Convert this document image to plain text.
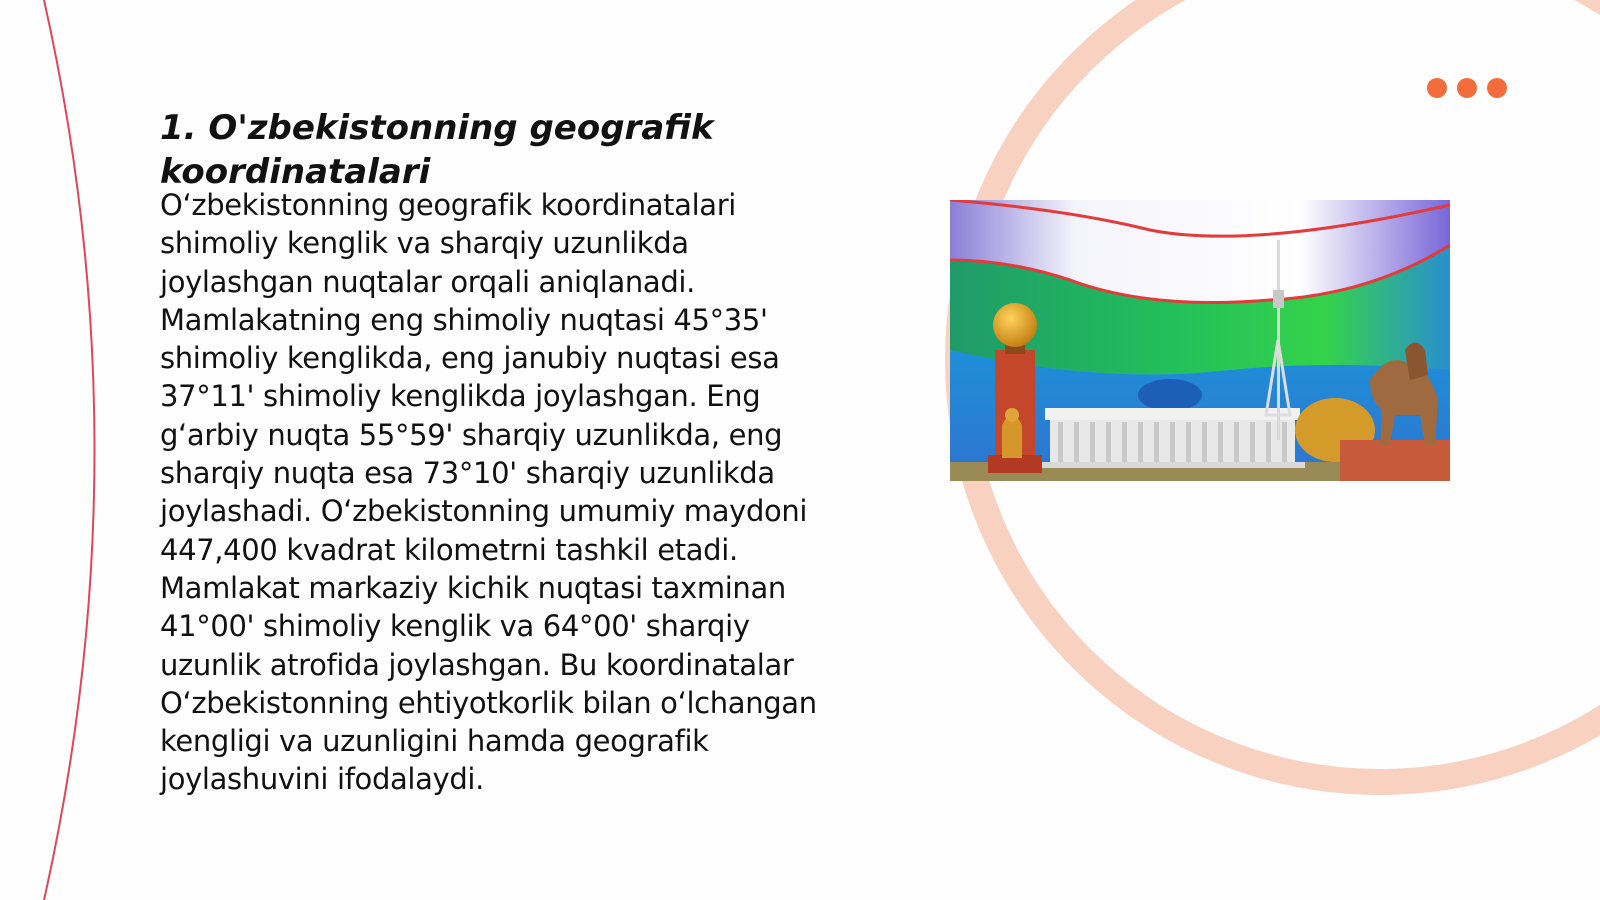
1. O'zbekistonning geografik koordinatalari

O‘zbekistonning geografik koordinatalari shimoliy kenglik va sharqiy uzunlikda joylashgan nuqtalar orqali aniqlanadi. Mamlakatning eng shimoliy nuqtasi 45°35' shimoliy kenglikda, eng janubiy nuqtasi esa 37°11' shimoliy kenglikda joylashgan. Eng g‘arbiy nuqta 55°59' sharqiy uzunlikda, eng sharqiy nuqta esa 73°10' sharqiy uzunlikda joylashadi. O‘zbekistonning umumiy maydoni 447,400 kvadrat kilometrni tashkil etadi. Mamlakat markaziy kichik nuqtasi taxminan 41°00' shimoliy kenglik va 64°00' sharqiy uzunlik atrofida joylashgan. Bu koordinatalar O‘zbekistonning ehtiyotkorlik bilan o‘lchangan kengligi va uzunligini hamda geografik joylashuvini ifodalaydi.
